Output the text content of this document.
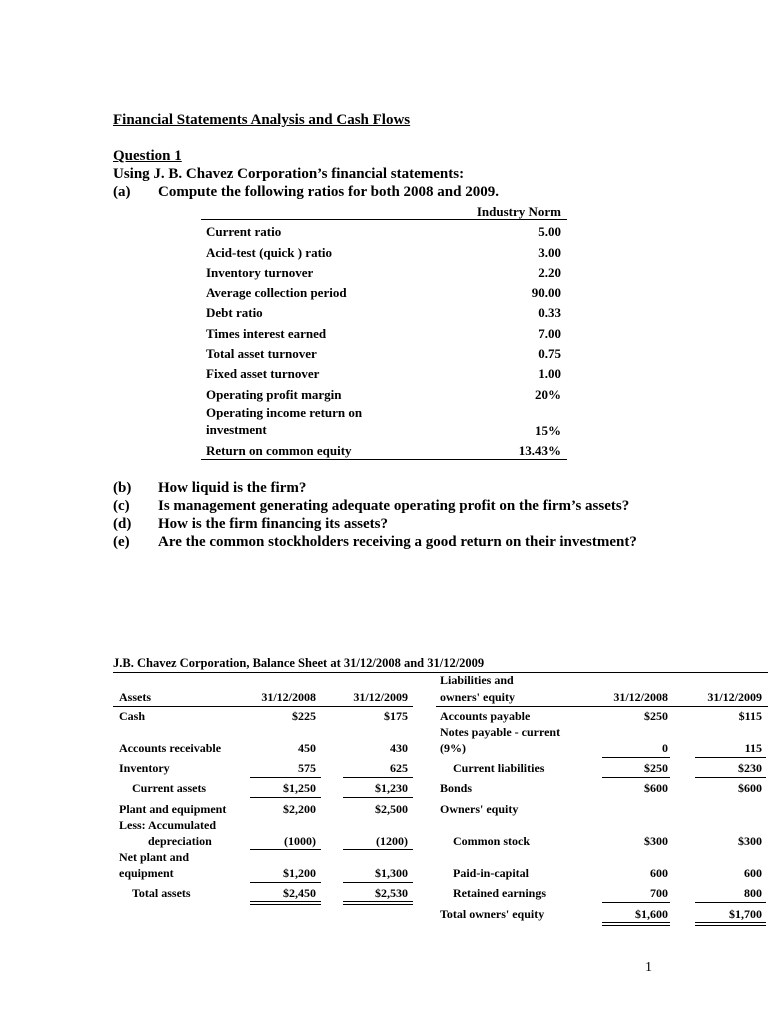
Financial Statements Analysis and Cash Flows
Question 1
Using J. B. Chavez Corporation’s financial statements:
(a) Compute the following ratios for both 2008 and 2009.
Industry Norm
Current ratio	5.00
Acid-test (quick ) ratio	3.00
Inventory turnover	2.20
Average collection period	90.00
Debt ratio	0.33
Times interest earned	7.00
Total asset turnover	0.75
Fixed asset turnover	1.00
Operating profit margin	20%
Operating income return on
investment	15%
Return on common equity	13.43%
(b) How liquid is the firm?
(c) Is management generating adequate operating profit on the firm’s assets?
(d) How is the firm financing its assets?
(e) Are the common stockholders receiving a good return on their investment?
J.B. Chavez Corporation, Balance Sheet at 31/12/2008 and 31/12/2009
Assets	31/12/2008	31/12/2009
Liabilities and
owners' equity	31/12/2008	31/12/2009
Cash	$225	$175
Accounts receivable	450	430
Inventory	575	625
Current assets	$1,250	$1,230
Plant and equipment	$2,200	$2,500
Less: Accumulated
depreciation	(1000)	(1200)
Net plant and
equipment	$1,200	$1,300
Total assets	$2,450	$2,530
Accounts payable	$250	$115
Notes payable - current
(9%)	0	115
Current liabilities	$250	$230
Bonds	$600	$600
Owners' equity
Common stock	$300	$300
Paid-in-capital	600	600
Retained earnings	700	800
Total owners' equity	$1,600	$1,700
1
